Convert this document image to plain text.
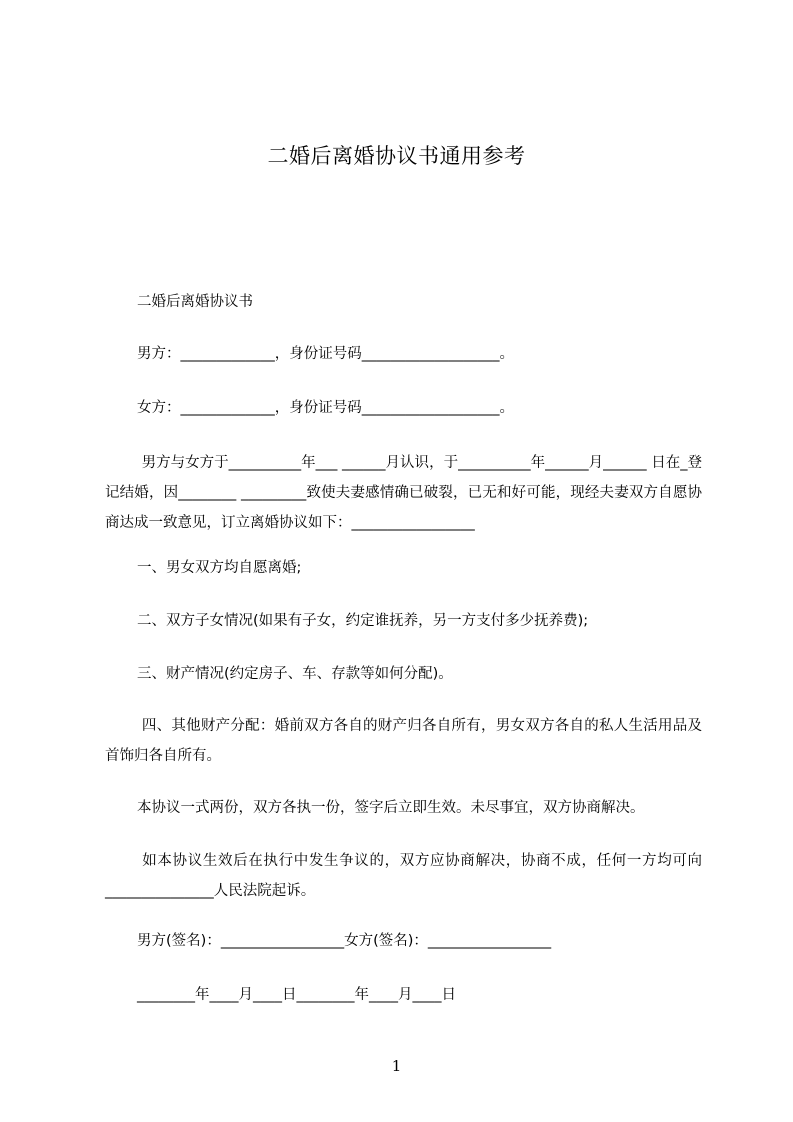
二婚后离婚协议书通用参考
二婚后离婚协议书
男方：_____________，身份证号码___________________。
女方：_____________，身份证号码___________________。
男方与女方于__________年___ ______月认识，于__________年______月______ 日在_登记结婚，因________ _________致使夫妻感情确已破裂，已无和好可能，现经夫妻双方自愿协商达成一致意见，订立离婚协议如下：_________________
一、男女双方均自愿离婚;
二、双方子女情况(如果有子女，约定谁抚养，另一方支付多少抚养费);
三、财产情况(约定房子、车、存款等如何分配)。
四、其他财产分配：婚前双方各自的财产归各自所有，男女双方各自的私人生活用品及首饰归各自所有。
本协议一式两份，双方各执一份，签字后立即生效。未尽事宜，双方协商解决。
如本协议生效后在执行中发生争议的，双方应协商解决，协商不成，任何一方均可向_______________人民法院起诉。
男方(签名)：_________________女方(签名)：_________________
________年____月____日________年____月____日
1
